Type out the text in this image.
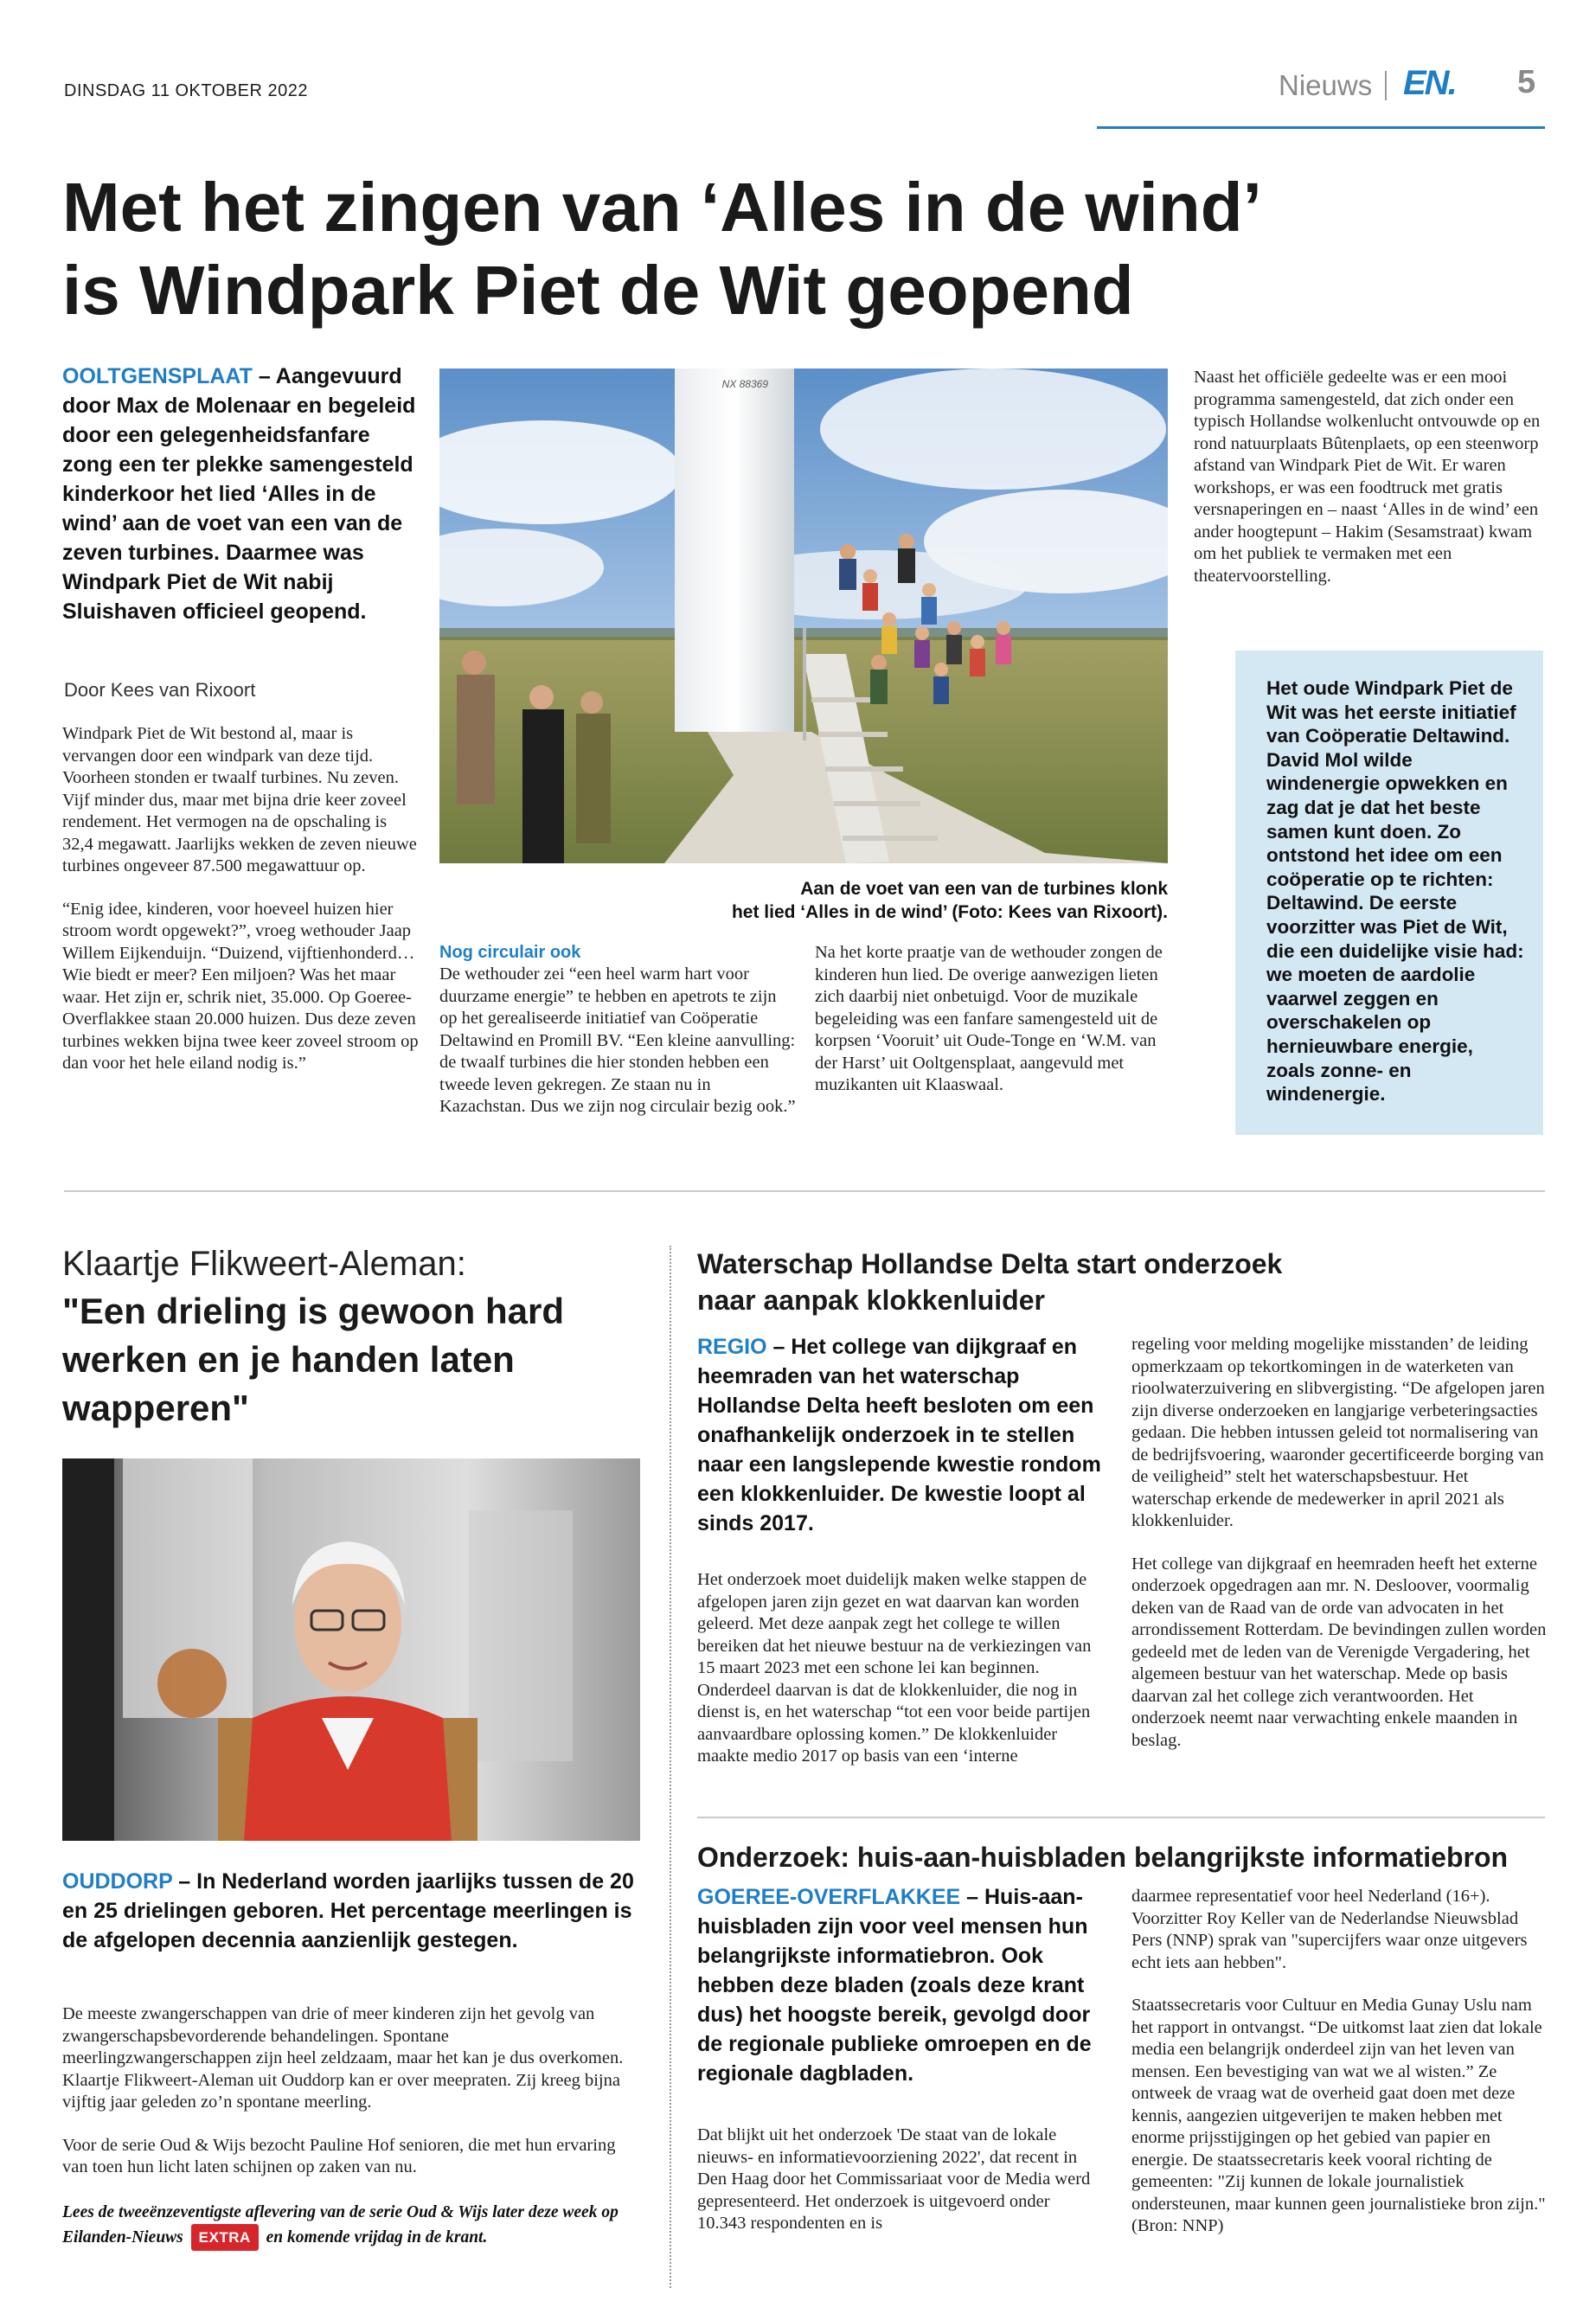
DINSDAG 11 OKTOBER 2022	Nieuws EN. 5
Met het zingen van ‘Alles in de wind’
is Windpark Piet de Wit geopend

OOLTGENSPLAAT – Aangevuurd door Max de Molenaar en begeleid door een gelegenheidsfanfare zong een ter plekke samengesteld kinderkoor het lied ‘Alles in de wind’ aan de voet van een van de zeven turbines. Daarmee was Windpark Piet de Wit nabij Sluishaven officieel geopend.

Door Kees van Rixoort

Windpark Piet de Wit bestond al, maar is vervangen door een windpark van deze tijd. Voorheen stonden er twaalf turbines. Nu zeven. Vijf minder dus, maar met bijna drie keer zoveel rendement. Het vermogen na de opschaling is 32,4 megawatt. Jaarlijks wekken de zeven nieuwe turbines ongeveer 87.500 megawattuur op.

“Enig idee, kinderen, voor hoeveel huizen hier stroom wordt opgewekt?”, vroeg wethouder Jaap Willem Eijkenduijn. “Duizend, vijftienhonderd… Wie biedt er meer? Een miljoen? Was het maar waar. Het zijn er, schrik niet, 35.000. Op Goeree-Overflakkee staan 20.000 huizen. Dus deze zeven turbines wekken bijna twee keer zoveel stroom op dan voor het hele eiland nodig is.”

NX 88369
Aan de voet van een van de turbines klonk
het lied ‘Alles in de wind’ (Foto: Kees van Rixoort).
Nog circulair ook

De wethouder zei “een heel warm hart voor duurzame energie” te hebben en apetrots te zijn op het gerealiseerde initiatief van Coöperatie Deltawind en Promill BV. “Een kleine aanvulling: de twaalf turbines die hier stonden hebben een tweede leven gekregen. Ze staan nu in Kazachstan. Dus we zijn nog circulair bezig ook.”

Na het korte praatje van de wethouder zongen de kinderen hun lied. De overige aanwezigen lieten zich daarbij niet onbetuigd. Voor de muzikale begeleiding was een fanfare samengesteld uit de korpsen ‘Vooruit’ uit Oude-Tonge en ‘W.M. van der Harst’ uit Ooltgensplaat, aangevuld met muzikanten uit Klaaswaal.

Naast het officiële gedeelte was er een mooi programma samengesteld, dat zich onder een typisch Hollandse wolkenlucht ontvouwde op en rond natuurplaats Bûtenplaets, op een steenworp afstand van Windpark Piet de Wit. Er waren workshops, er was een foodtruck met gratis versnaperingen en – naast ‘Alles in de wind’ een ander hoogtepunt – Hakim (Sesamstraat) kwam om het publiek te vermaken met een theatervoorstelling.

Het oude Windpark Piet de Wit was het eerste initiatief van Coöperatie Deltawind. David Mol wilde windenergie opwekken en zag dat je dat het beste samen kunt doen. Zo ontstond het idee om een coöperatie op te richten: Deltawind. De eerste voorzitter was Piet de Wit, die een duidelijke visie had: we moeten de aardolie vaarwel zeggen en overschakelen op hernieuwbare energie, zoals zonne- en windenergie.
Klaartje Flikweert-Aleman:
"Een drieling is gewoon hard werken en je handen laten wapperen"

OUDDORP – In Nederland worden jaarlijks tussen de 20 en 25 drielingen geboren. Het percentage meerlingen is de afgelopen decennia aanzienlijk gestegen.

De meeste zwangerschappen van drie of meer kinderen zijn het gevolg van zwangerschapsbevorderende behandelingen. Spontane meerlingzwangerschappen zijn heel zeldzaam, maar het kan je dus overkomen. Klaartje Flikweert-Aleman uit Ouddorp kan er over meepraten. Zij kreeg bijna vijftig jaar geleden zo’n spontane meerling.

Voor de serie Oud & Wijs bezocht Pauline Hof senioren, die met hun ervaring van toen hun licht laten schijnen op zaken van nu.

Lees de tweeënzeventigste aflevering van de serie Oud & Wijs later deze week op Eilanden-Nieuws EXTRA en komende vrijdag in de krant.
Waterschap Hollandse Delta start onderzoek naar aanpak klokkenluider

REGIO – Het college van dijkgraaf en heemraden van het waterschap Hollandse Delta heeft besloten om een onafhankelijk onderzoek in te stellen naar een langslepende kwestie rondom een klokkenluider. De kwestie loopt al sinds 2017.

Het onderzoek moet duidelijk maken welke stappen de afgelopen jaren zijn gezet en wat daarvan kan worden geleerd. Met deze aanpak zegt het college te willen bereiken dat het nieuwe bestuur na de verkiezingen van 15 maart 2023 met een schone lei kan beginnen. Onderdeel daarvan is dat de klokkenluider, die nog in dienst is, en het waterschap “tot een voor beide partijen aanvaardbare oplossing komen.” De klokkenluider maakte medio 2017 op basis van een ‘interne

regeling voor melding mogelijke misstanden’ de leiding opmerkzaam op tekortkomingen in de waterketen van rioolwaterzuivering en slibvergisting. “De afgelopen jaren zijn diverse onderzoeken en langjarige verbeteringsacties gedaan. Die hebben intussen geleid tot normalisering van de bedrijfsvoering, waaronder gecertificeerde borging van de veiligheid” stelt het waterschapsbestuur. Het waterschap erkende de medewerker in april 2021 als klokkenluider.

Het college van dijkgraaf en heemraden heeft het externe onderzoek opgedragen aan mr. N. Desloover, voormalig deken van de Raad van de orde van advocaten in het arrondissement Rotterdam. De bevindingen zullen worden gedeeld met de leden van de Verenigde Vergadering, het algemeen bestuur van het waterschap. Mede op basis daarvan zal het college zich verantwoorden. Het onderzoek neemt naar verwachting enkele maanden in beslag.

Onderzoek: huis-aan-huisbladen belangrijkste informatiebron

GOEREE-OVERFLAKKEE – Huis-aan-huisbladen zijn voor veel mensen hun belangrijkste informatiebron. Ook hebben deze bladen (zoals deze krant dus) het hoogste bereik, gevolgd door de regionale publieke omroepen en de regionale dagbladen.

Dat blijkt uit het onderzoek 'De staat van de lokale nieuws- en informatievoorziening 2022', dat recent in Den Haag door het Commissariaat voor de Media werd gepresenteerd. Het onderzoek is uitgevoerd onder 10.343 respondenten en is

daarmee representatief voor heel Nederland (16+). Voorzitter Roy Keller van de Nederlandse Nieuwsblad Pers (NNP) sprak van "supercijfers waar onze uitgevers echt iets aan hebben".

Staatssecretaris voor Cultuur en Media Gunay Uslu nam het rapport in ontvangst. “De uitkomst laat zien dat lokale media een belangrijk onderdeel zijn van het leven van mensen. Een bevestiging van wat we al wisten.” Ze ontweek de vraag wat de overheid gaat doen met deze kennis, aangezien uitgeverijen te maken hebben met enorme prijsstijgingen op het gebied van papier en energie. De staatssecretaris keek vooral richting de gemeenten: "Zij kunnen de lokale journalistiek ondersteunen, maar kunnen geen journalistieke bron zijn." (Bron: NNP)
